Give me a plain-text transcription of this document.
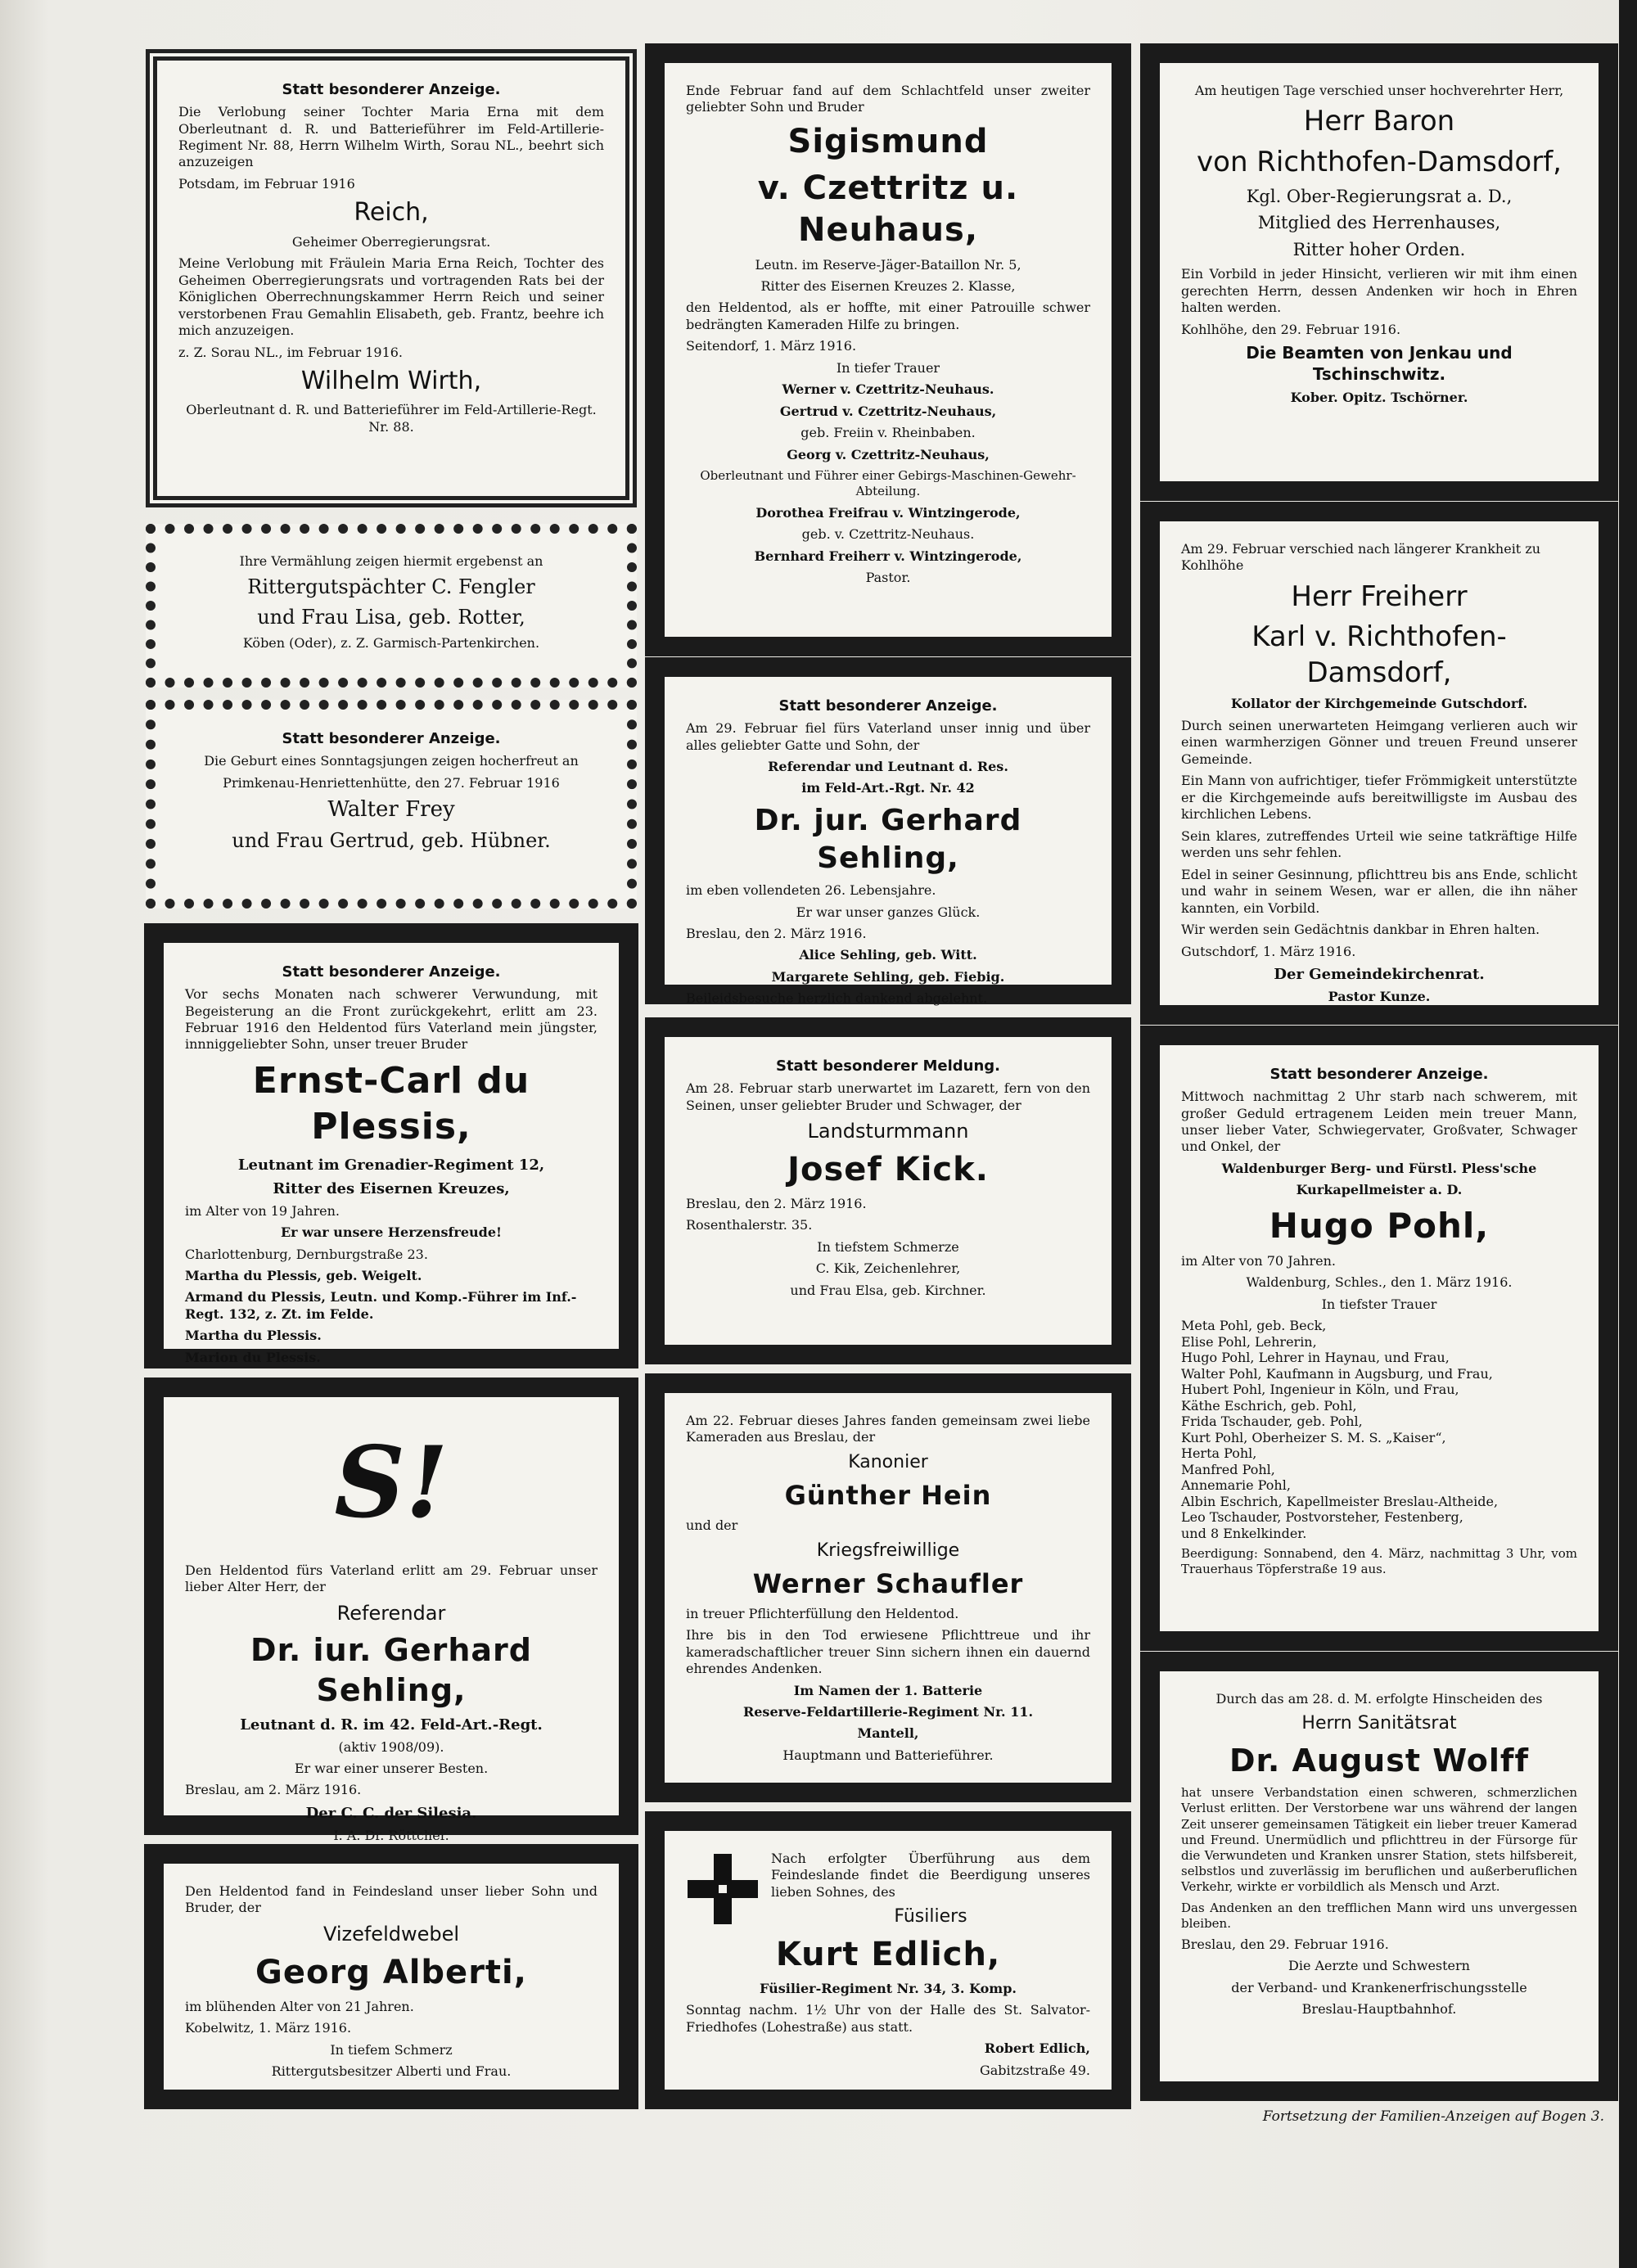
Statt besonderer Anzeige.

Die Verlobung seiner Tochter Maria Erna mit dem Oberleutnant d. R. und Batterieführer im Feld-Artillerie-Regiment Nr. 88, Herrn Wilhelm Wirth, Sorau NL., beehrt sich anzuzeigen

Potsdam, im Februar 1916

Reich,

Geheimer Oberregierungsrat.

Meine Verlobung mit Fräulein Maria Erna Reich, Tochter des Geheimen Oberregierungsrats und vortragenden Rats bei der Königlichen Oberrechnungskammer Herrn Reich und seiner verstorbenen Frau Gemahlin Elisabeth, geb. Frantz, beehre ich mich anzuzeigen.

z. Z. Sorau NL., im Februar 1916.

Wilhelm Wirth,

Oberleutnant d. R. und Batterieführer im Feld-Artillerie-Regt. Nr. 88.

Ihre Vermählung zeigen hiermit ergebenst an

Rittergutspächter C. Fengler

und Frau Lisa, geb. Rotter,

Köben (Oder), z. Z. Garmisch-Partenkirchen.

Statt besonderer Anzeige.

Die Geburt eines Sonntagsjungen zeigen hocherfreut an

Primkenau-Henriettenhütte, den 27. Februar 1916

Walter Frey

und Frau Gertrud, geb. Hübner.

Statt besonderer Anzeige.

Vor sechs Monaten nach schwerer Verwundung, mit Begeisterung an die Front zurückgekehrt, erlitt am 23. Februar 1916 den Heldentod fürs Vaterland mein jüngster, innniggeliebter Sohn, unser treuer Bruder

Ernst-Carl du Plessis,

Leutnant im Grenadier-Regiment 12,

Ritter des Eisernen Kreuzes,

im Alter von 19 Jahren.

Er war unsere Herzensfreude!

Charlottenburg, Dernburgstraße 23.

Martha du Plessis, geb. Weigelt.

Armand du Plessis, Leutn. und Komp.-Führer im Inf.-Regt. 132, z. Zt. im Felde.

Martha du Plessis.

Marion du Plessis.

S!

Den Heldentod fürs Vaterland erlitt am 29. Februar unser lieber Alter Herr, der

Referendar

Dr. iur. Gerhard Sehling,

Leutnant d. R. im 42. Feld-Art.-Regt.

(aktiv 1908/09).

Er war einer unserer Besten.

Breslau, am 2. März 1916.

Der C. C. der Silesia.

I. A. Dr. Röttcher.

Den Heldentod fand in Feindesland unser lieber Sohn und Bruder, der

Vizefeldwebel

Georg Alberti,

im blühenden Alter von 21 Jahren.

Kobelwitz, 1. März 1916.

In tiefem Schmerz

Rittergutsbesitzer Alberti und Frau.

Ende Februar fand auf dem Schlachtfeld unser zweiter geliebter Sohn und Bruder

Sigismund

v. Czettritz u. Neuhaus,

Leutn. im Reserve-Jäger-Bataillon Nr. 5,

Ritter des Eisernen Kreuzes 2. Klasse,

den Heldentod, als er hoffte, mit einer Patrouille schwer bedrängten Kameraden Hilfe zu bringen.

Seitendorf, 1. März 1916.

In tiefer Trauer

Werner v. Czettritz-Neuhaus.

Gertrud v. Czettritz-Neuhaus,

geb. Freiin v. Rheinbaben.

Georg v. Czettritz-Neuhaus,

Oberleutnant und Führer einer Gebirgs-Maschinen-Gewehr-Abteilung.

Dorothea Freifrau v. Wintzingerode,

geb. v. Czettritz-Neuhaus.

Bernhard Freiherr v. Wintzingerode,

Pastor.

Statt besonderer Anzeige.

Am 29. Februar fiel fürs Vaterland unser innig und über alles geliebter Gatte und Sohn, der

Referendar und Leutnant d. Res.

im Feld-Art.-Rgt. Nr. 42

Dr. jur. Gerhard Sehling,

im eben vollendeten 26. Lebensjahre.

Er war unser ganzes Glück.

Breslau, den 2. März 1916.

Alice Sehling, geb. Witt.

Margarete Sehling, geb. Fiebig.

Beileidsbesuche herzlich dankend abgelehnt.

Statt besonderer Meldung.

Am 28. Februar starb unerwartet im Lazarett, fern von den Seinen, unser geliebter Bruder und Schwager, der

Landsturmmann

Josef Kick.

Breslau, den 2. März 1916.

Rosenthalerstr. 35.

In tiefstem Schmerze

C. Kik, Zeichenlehrer,

und Frau Elsa, geb. Kirchner.

Am 22. Februar dieses Jahres fanden gemeinsam zwei liebe Kameraden aus Breslau, der

Kanonier

Günther Hein

und der

Kriegsfreiwillige

Werner Schaufler

in treuer Pflichterfüllung den Heldentod.

Ihre bis in den Tod erwiesene Pflichttreue und ihr kameradschaftlicher treuer Sinn sichern ihnen ein dauernd ehrendes Andenken.

Im Namen der 1. Batterie

Reserve-Feldartillerie-Regiment Nr. 11.

Mantell,

Hauptmann und Batterieführer.

Nach erfolgter Überführung aus dem Feindeslande findet die Beerdigung unseres lieben Sohnes, des

Füsiliers

Kurt Edlich,

Füsilier-Regiment Nr. 34, 3. Komp.

Sonntag nachm. 1½ Uhr von der Halle des St. Salvator-Friedhofes (Lohestraße) aus statt.

Robert Edlich,

Gabitzstraße 49.

Am heutigen Tage verschied unser hochverehrter Herr,

Herr Baron

von Richthofen-Damsdorf,

Kgl. Ober-Regierungsrat a. D.,

Mitglied des Herrenhauses,

Ritter hoher Orden.

Ein Vorbild in jeder Hinsicht, verlieren wir mit ihm einen gerechten Herrn, dessen Andenken wir hoch in Ehren halten werden.

Kohlhöhe, den 29. Februar 1916.

Die Beamten von Jenkau und Tschinschwitz.

Kober. Opitz. Tschörner.

Am 29. Februar verschied nach längerer Krankheit zu Kohlhöhe

Herr Freiherr

Karl v. Richthofen-Damsdorf,

Kollator der Kirchgemeinde Gutschdorf.

Durch seinen unerwarteten Heimgang verlieren auch wir einen warmherzigen Gönner und treuen Freund unserer Gemeinde.

Ein Mann von aufrichtiger, tiefer Frömmigkeit unterstützte er die Kirchgemeinde aufs bereitwilligste im Ausbau des kirchlichen Lebens.

Sein klares, zutreffendes Urteil wie seine tatkräftige Hilfe werden uns sehr fehlen.

Edel in seiner Gesinnung, pflichttreu bis ans Ende, schlicht und wahr in seinem Wesen, war er allen, die ihn näher kannten, ein Vorbild.

Wir werden sein Gedächtnis dankbar in Ehren halten.

Gutschdorf, 1. März 1916.

Der Gemeindekirchenrat.

Pastor Kunze.

Statt besonderer Anzeige.

Mittwoch nachmittag 2 Uhr starb nach schwerem, mit großer Geduld ertragenem Leiden mein treuer Mann, unser lieber Vater, Schwiegervater, Großvater, Schwager und Onkel, der

Waldenburger Berg- und Fürstl. Pless'sche

Kurkapellmeister a. D.

Hugo Pohl,

im Alter von 70 Jahren.

Waldenburg, Schles., den 1. März 1916.

In tiefster Trauer

Meta Pohl, geb. Beck,
Elise Pohl, Lehrerin,
Hugo Pohl, Lehrer in Haynau, und Frau,
Walter Pohl, Kaufmann in Augsburg, und Frau,
Hubert Pohl, Ingenieur in Köln, und Frau,
Käthe Eschrich, geb. Pohl,
Frida Tschauder, geb. Pohl,
Kurt Pohl, Oberheizer S. M. S. „Kaiser“,
Herta Pohl,
Manfred Pohl,
Annemarie Pohl,
Albin Eschrich, Kapellmeister Breslau-Altheide,
Leo Tschauder, Postvorsteher, Festenberg,
und 8 Enkelkinder.

Beerdigung: Sonnabend, den 4. März, nachmittag 3 Uhr, vom Trauerhaus Töpferstraße 19 aus.

Durch das am 28. d. M. erfolgte Hinscheiden des

Herrn Sanitätsrat

Dr. August Wolff

hat unsere Verbandstation einen schweren, schmerzlichen Verlust erlitten. Der Verstorbene war uns während der langen Zeit unserer gemeinsamen Tätigkeit ein lieber treuer Kamerad und Freund. Unermüdlich und pflichttreu in der Fürsorge für die Verwundeten und Kranken unsrer Station, stets hilfsbereit, selbstlos und zuverlässig im beruflichen und außerberuflichen Verkehr, wirkte er vorbildlich als Mensch und Arzt.

Das Andenken an den trefflichen Mann wird uns unvergessen bleiben.

Breslau, den 29. Februar 1916.

Die Aerzte und Schwestern

der Verband- und Krankenerfrischungsstelle

Breslau-Hauptbahnhof.

Fortsetzung der Familien-Anzeigen auf Bogen 3.
